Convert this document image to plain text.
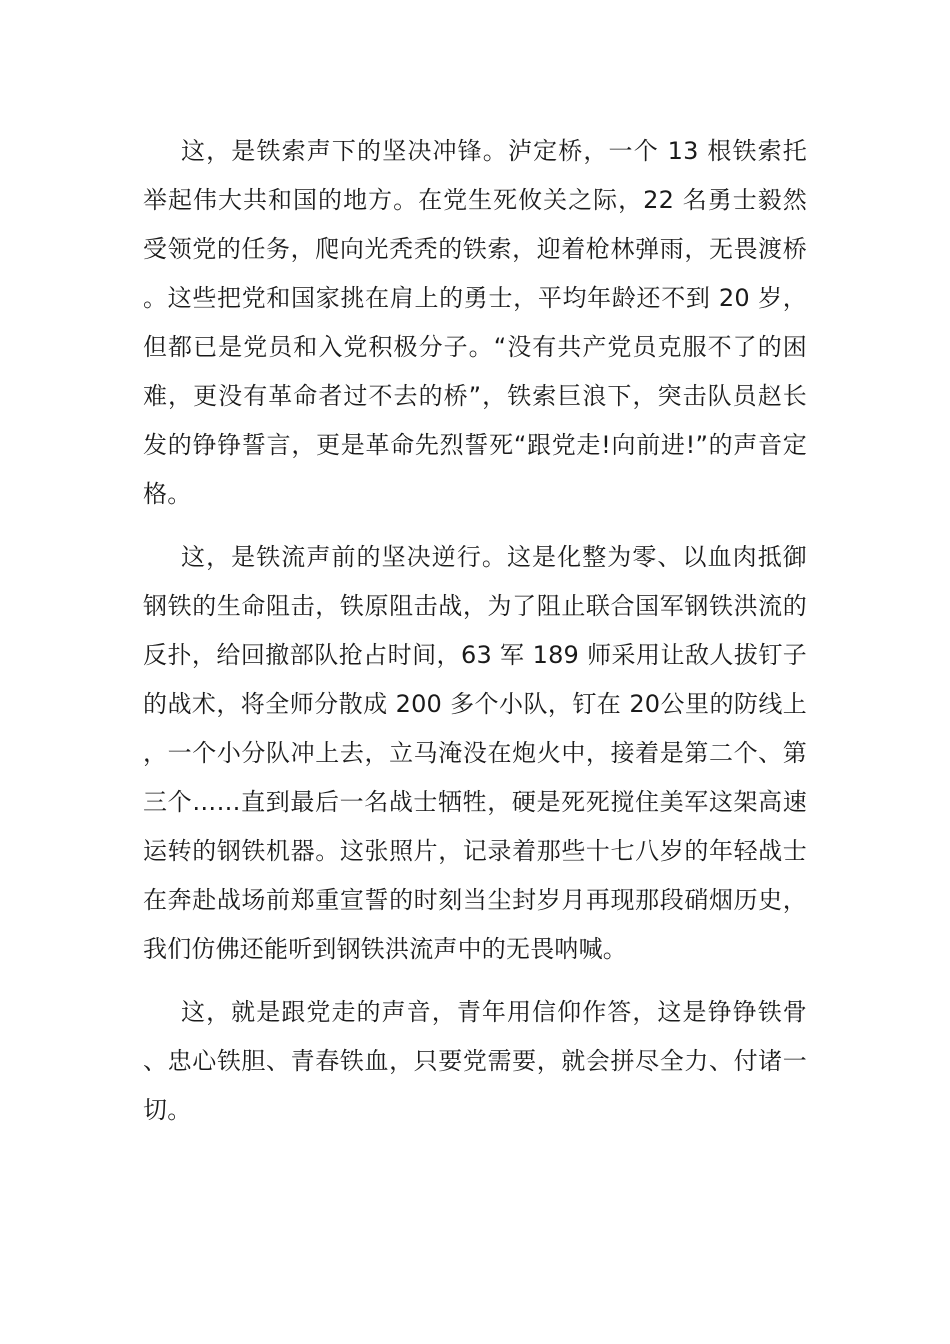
这，是铁索声下的坚决冲锋。泸定桥，一个 13 根铁索托举起伟大共和国的地方。在党生死攸关之际，22 名勇士毅然受领党的任务，爬向光秃秃的铁索，迎着枪林弹雨，无畏渡桥。这些把党和国家挑在肩上的勇士，平均年龄还不到 20 岁，但都已是党员和入党积极分子。“没有共产党员克服不了的困难，更没有革命者过不去的桥”，铁索巨浪下，突击队员赵长发的铮铮誓言，更是革命先烈誓死“跟党走!向前进!”的声音定格。

这，是铁流声前的坚决逆行。这是化整为零、以血肉抵御钢铁的生命阻击，铁原阻击战，为了阻止联合国军钢铁洪流的反扑，给回撤部队抢占时间，63 军 189 师采用让敌人拔钉子的战术，将全师分散成 200 多个小队，钉在 20公里的防线上，一个小分队冲上去，立马淹没在炮火中，接着是第二个、第三个……直到最后一名战士牺牲，硬是死死搅住美军这架高速运转的钢铁机器。这张照片，记录着那些十七八岁的年轻战士在奔赴战场前郑重宣誓的时刻当尘封岁月再现那段硝烟历史，我们仿佛还能听到钢铁洪流声中的无畏呐喊。

这，就是跟党走的声音，青年用信仰作答，这是铮铮铁骨、忠心铁胆、青春铁血，只要党需要，就会拼尽全力、付诸一切。
